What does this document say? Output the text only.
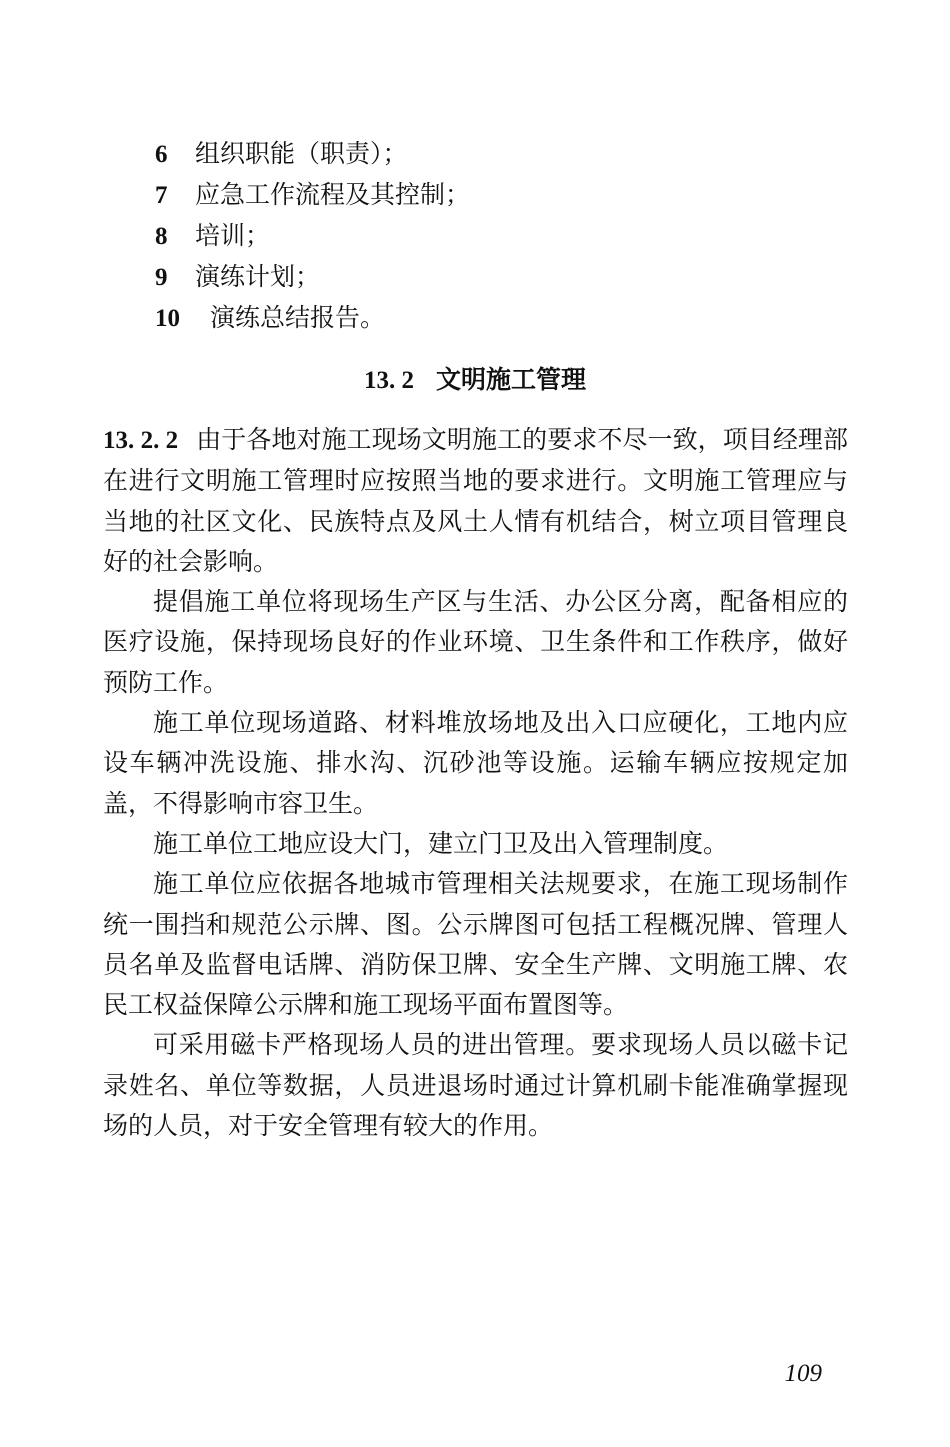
6 组织职能（职责）；
7 应急工作流程及其控制；
8 培训；
9 演练计划；
10 演练总结报告。
13. 2 文明施工管理

13. 2. 2 由于各地对施工现场文明施工的要求不尽一致，项目经理部在进行文明施工管理时应按照当地的要求进行。文明施工管理应与当地的社区文化、民族特点及风土人情有机结合，树立项目管理良好的社会影响。

提倡施工单位将现场生产区与生活、办公区分离，配备相应的医疗设施，保持现场良好的作业环境、卫生条件和工作秩序，做好预防工作。

施工单位现场道路、材料堆放场地及出入口应硬化，工地内应设车辆冲洗设施、排水沟、沉砂池等设施。运输车辆应按规定加盖，不得影响市容卫生。

施工单位工地应设大门，建立门卫及出入管理制度。

施工单位应依据各地城市管理相关法规要求，在施工现场制作统一围挡和规范公示牌、图。公示牌图可包括工程概况牌、管理人员名单及监督电话牌、消防保卫牌、安全生产牌、文明施工牌、农民工权益保障公示牌和施工现场平面布置图等。

可采用磁卡严格现场人员的进出管理。要求现场人员以磁卡记录姓名、单位等数据，人员进退场时通过计算机刷卡能准确掌握现场的人员，对于安全管理有较大的作用。

109
